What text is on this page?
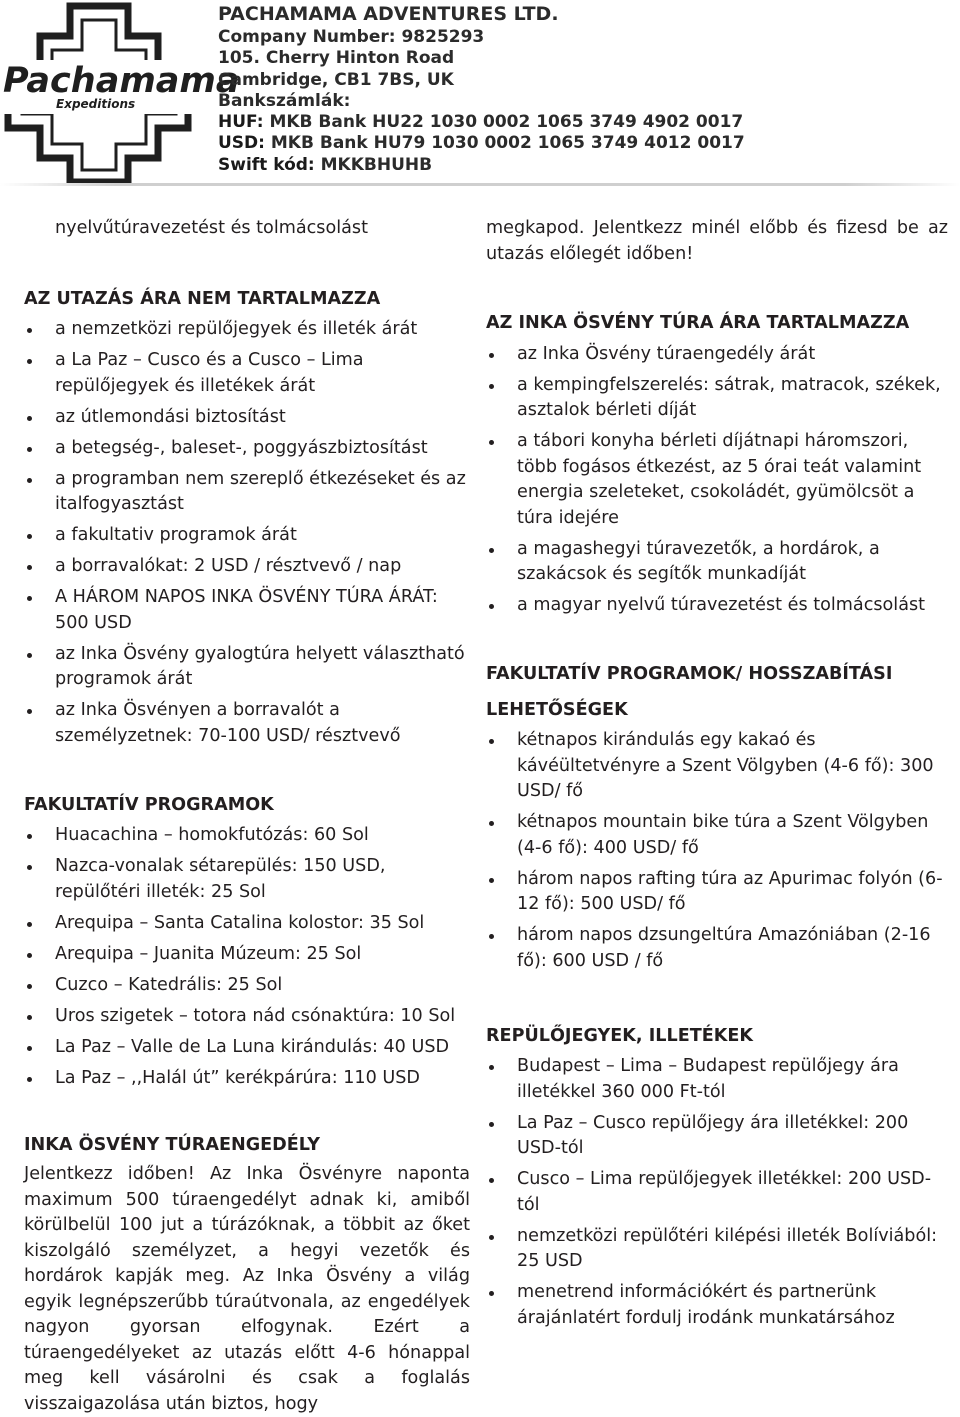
Pachamama
Expeditions
PACHAMAMA ADVENTURES LTD.
Company Number: 9825293
105. Cherry Hinton Road
Cambridge, CB1 7BS, UK
Bankszámlák:
HUF: MKB Bank HU22 1030 0002 1065 3749 4902 0017
USD: MKB Bank HU79 1030 0002 1065 3749 4012 0017
Swift kód: MKKBHUHB
nyelvűtúravezetést és tolmácsolást
AZ UTAZÁS ÁRA NEM TARTALMAZZA
a nemzetközi repülőjegyek és illeték árát
a La Paz – Cusco és a Cusco – Lima repülőjegyek és illetékek árát
az útlemondási biztosítást
a betegség-, baleset-, poggyászbiztosítást
a programban nem szereplő étkezéseket és az italfogyasztást
a fakultativ programok árát
a borravalókat: 2 USD / résztvevő / nap
A HÁROM NAPOS INKA ÖSVÉNY TÚRA ÁRÁT: 500 USD
az Inka Ösvény gyalogtúra helyett választható programok árát
az Inka Ösvényen a borravalót a személyzetnek: 70-100 USD/ résztvevő
FAKULTATÍV PROGRAMOK
Huacachina – homokfutózás: 60 Sol
Nazca-vonalak sétarepülés: 150 USD, repülőtéri illeték: 25 Sol
Arequipa – Santa Catalina kolostor: 35 Sol
Arequipa – Juanita Múzeum: 25 Sol
Cuzco – Katedrális: 25 Sol
Uros szigetek – totora nád csónaktúra: 10 Sol
La Paz – Valle de La Luna kirándulás: 40 USD
La Paz – ,,Halál út” kerékpárúra: 110 USD
INKA ÖSVÉNY TÚRAENGEDÉLY

Jelentkezz időben! Az Inka Ösvényre naponta maximum 500 túraengedélyt adnak ki, amiből körülbelül 100 jut a túrázóknak, a többit az őket kiszolgáló személyzet, a hegyi vezetők és hordárok kapják meg. Az Inka Ösvény a világ egyik legnépszerűbb túraútvonala, az engedélyek nagyon gyorsan elfogynak. Ezért a túraengedélyeket az utazás előtt 4-6 hónappal meg kell vásárolni és csak a foglalás visszaigazolása után biztos, hogy

megkapod. Jelentkezz minél előbb és fizesd be az utazás előlegét időben!

AZ INKA ÖSVÉNY TÚRA ÁRA TARTALMAZZA
az Inka Ösvény túraengedély árát
a kempingfelszerelés: sátrak, matracok, székek, asztalok bérleti díját
a tábori konyha bérleti díjátnapi háromszori, több fogásos étkezést, az 5 órai teát valamint energia szeleteket, csokoládét, gyümölcsöt a túra idejére
a magashegyi túravezetők, a hordárok, a szakácsok és segítők munkadíját
a magyar nyelvű túravezetést és tolmácsolást
FAKULTATÍV PROGRAMOK/ HOSSZABÍTÁSI
LEHETŐSÉGEK
kétnapos kirándulás egy kakaó és kávéültetvényre a Szent Völgyben (4-6 fő): 300 USD/ fő
kétnapos mountain bike túra a Szent Völgyben (4-6 fő): 400 USD/ fő
három napos rafting túra az Apurimac folyón (6-12 fő): 500 USD/ fő
három napos dzsungeltúra Amazóniában (2-16 fő): 600 USD / fő
REPÜLŐJEGYEK, ILLETÉKEK
Budapest – Lima – Budapest repülőjegy ára illetékkel 360 000 Ft-tól
La Paz – Cusco repülőjegy ára illetékkel: 200 USD-tól
Cusco – Lima repülőjegyek illetékkel: 200 USD-tól
nemzetközi repülőtéri kilépési illeték Bolíviából: 25 USD
menetrend információkért és partnerünk árajánlatért fordulj irodánk munkatársához
